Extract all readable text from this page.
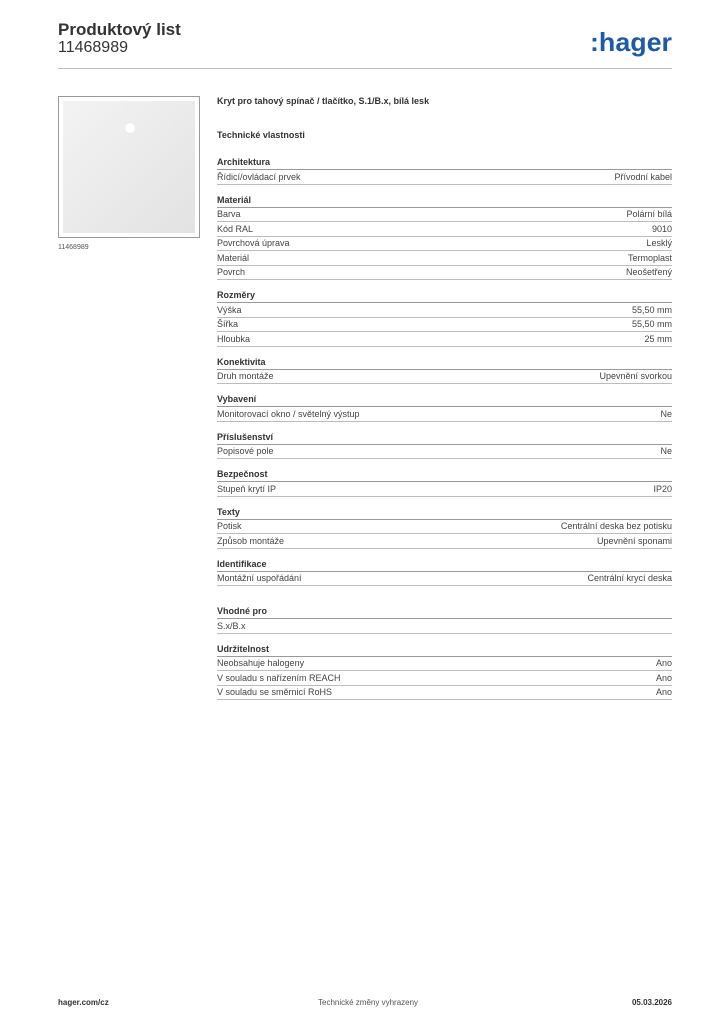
Produktový list
11468989	:hager
11468989
Kryt pro tahový spínač / tlačítko, S.1/B.x, bílá lesk
Technické vlastnosti
Architektura
Řídicí/ovládací prvek	Přívodní kabel
Materiál
Barva	Polární bílá
Kód RAL	9010
Povrchová úprava	Lesklý
Materiál	Termoplast
Povrch	Neošetřený
Rozměry
Výška	55,50 mm
Šířka	55,50 mm
Hloubka	25 mm
Konektivita
Druh montáže	Upevnění svorkou
Vybavení
Monitorovací okno / světelný výstup	Ne
Příslušenství
Popisové pole	Ne
Bezpečnost
Stupeň krytí IP	IP20
Texty
Potisk	Centrální deska bez potisku
Způsob montáže	Upevnění sponami
Identifikace
Montážní uspořádání	Centrální krycí deska
Vhodné pro
S.x/B.x
Udržitelnost
Neobsahuje halogeny	Ano
V souladu s nařízením REACH	Ano
V souladu se směrnicí RoHS	Ano
hager.com/cz	Technické změny vyhrazeny	05.03.2026
